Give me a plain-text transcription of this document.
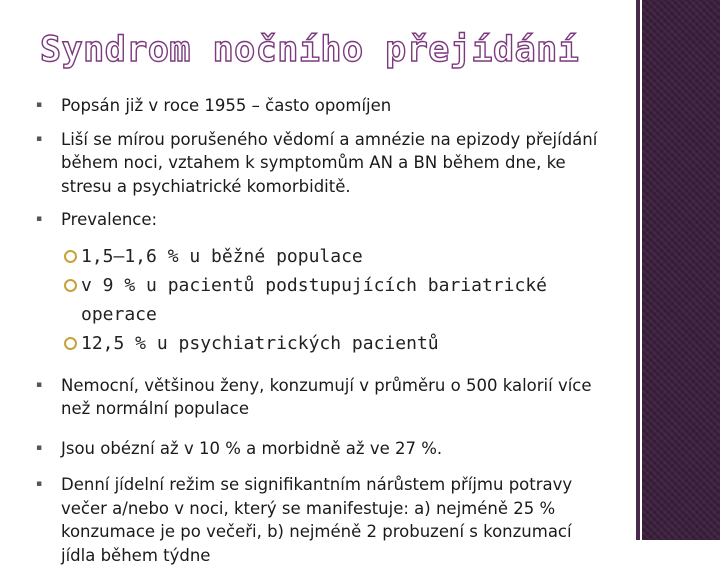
Syndrom nočního přejídání
▪ Popsán již v roce 1955 – často opomíjen
▪ Liší se mírou porušeného vědomí a amnézie na epizody přejídání během noci, vztahem k symptomům AN a BN během dne, ke stresu a psychiatrické komorbiditě.
▪ Prevalence:
1,5–1,6 % u běžné populace
v 9 % u pacientů podstupujících bariatrické operace
12,5 % u psychiatrických pacientů
▪ Nemocní, většinou ženy, konzumují v průměru o 500 kalorií více než normální populace
▪ Jsou obézní až v 10 % a morbidně až ve 27 %.
▪ Denní jídelní režim se signifikantním nárůstem příjmu potravy večer a/nebo v noci, který se manifestuje: a) nejméně 25 % konzumace je po večeři, b) nejméně 2 probuzení s konzumací jídla během týdne
